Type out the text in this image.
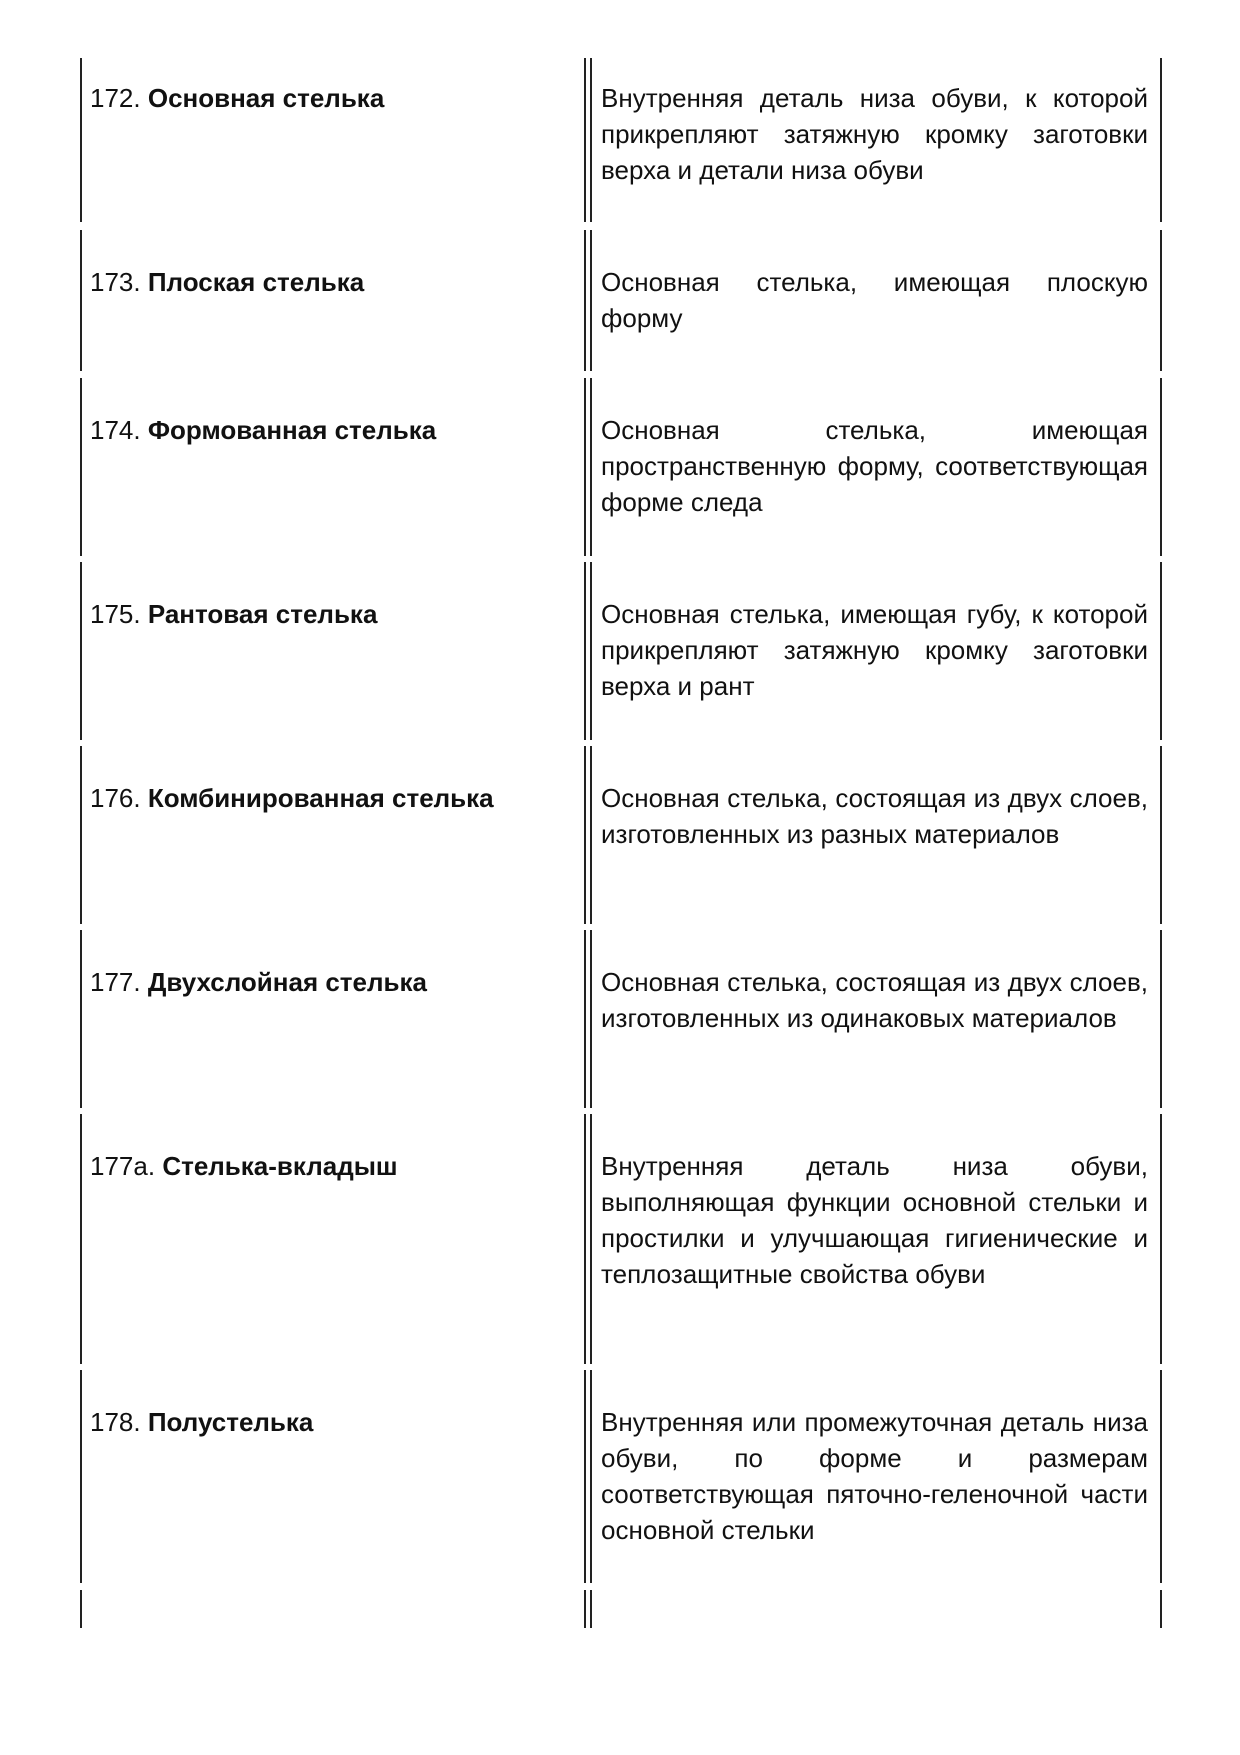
172. Основная стелька	Внутренняя деталь низа обуви, к которой прикрепляют затяжную кромку заготовки верха и детали низа обуви
173. Плоская стелька	Основная стелька, имеющая плоскую форму
174. Формованная стелька	Основная стелька, имеющая пространственную форму, соответствующая форме следа
175. Рантовая стелька	Основная стелька, имеющая губу, к которой прикрепляют затяжную кромку заготовки верха и рант
176. Комбинированная стелька	Основная стелька, состоящая из двух слоев, изготовленных из разных материалов
177. Двухслойная стелька	Основная стелька, состоящая из двух слоев, изготовленных из одинаковых материалов
177а. Стелька-вкладыш	Внутренняя деталь низа обуви, выполняющая функции основной стельки и простилки и улучшающая гигиенические и теплозащитные свойства обуви
178. Полустелька	Внутренняя или промежуточная деталь низа обуви, по форме и размерам соответствующая пяточно-геленочной части основной стельки
